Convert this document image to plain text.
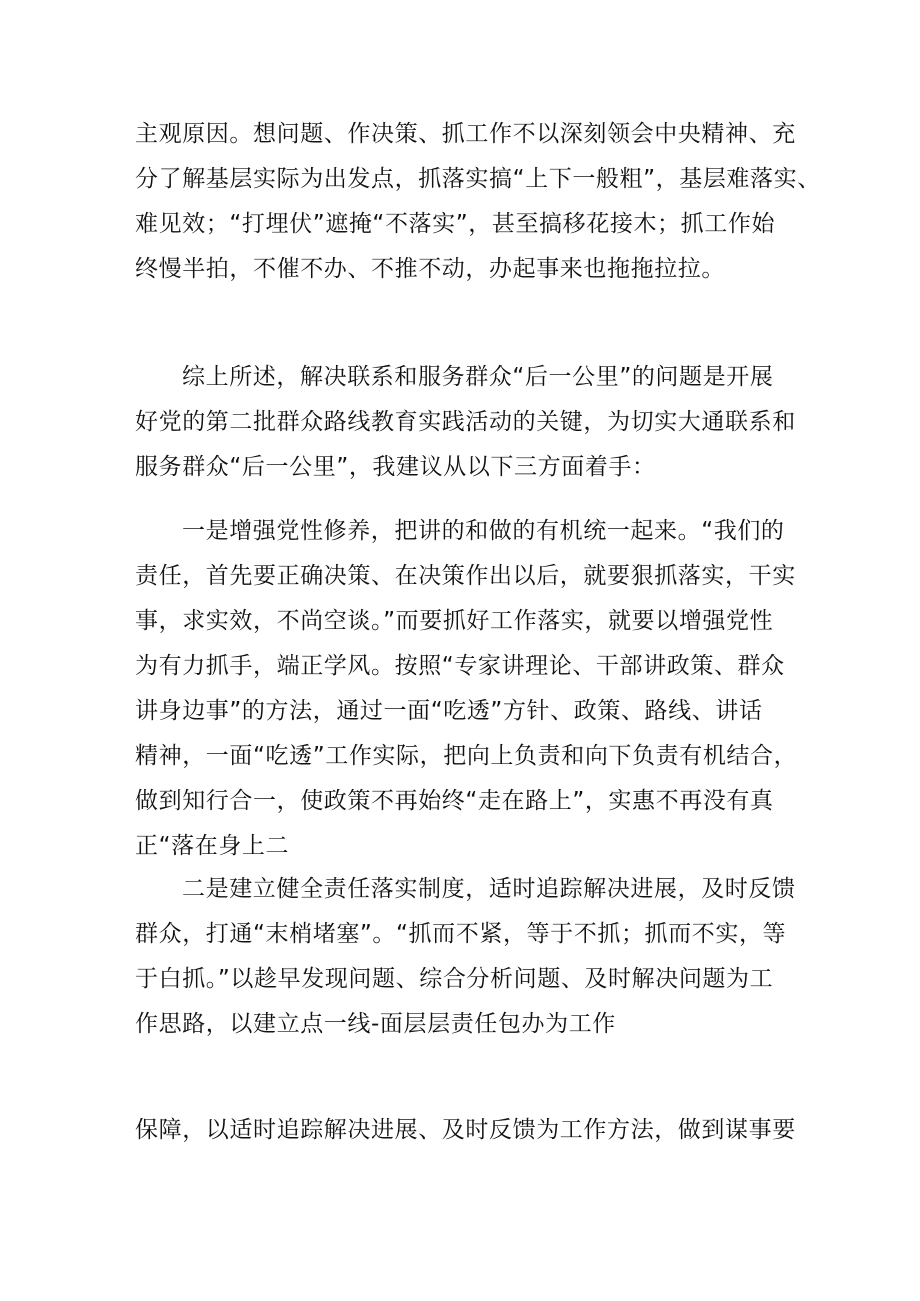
主观原因。想问题、作决策、抓工作不以深刻领会中央精神、充
分了解基层实际为出发点，抓落实搞“上下一般粗”，基层难落实、
难见效；“打埋伏”遮掩“不落实”，甚至搞移花接木；抓工作始
终慢半拍，不催不办、不推不动，办起事来也拖拖拉拉。
综上所述，解决联系和服务群众“后一公里”的问题是开展
好党的第二批群众路线教育实践活动的关键，为切实大通联系和
服务群众“后一公里”，我建议从以下三方面着手：
一是增强党性修养，把讲的和做的有机统一起来。“我们的
责任，首先要正确决策、在决策作出以后，就要狠抓落实，干实
事，求实效，不尚空谈。”而要抓好工作落实，就要以增强党性
为有力抓手，端正学风。按照“专家讲理论、干部讲政策、群众
讲身边事”的方法，通过一面“吃透”方针、政策、路线、讲话
精神，一面“吃透”工作实际，把向上负责和向下负责有机结合，
做到知行合一，使政策不再始终“走在路上”，实惠不再没有真
正“落在身上二
二是建立健全责任落实制度，适时追踪解决进展，及时反馈
群众，打通“末梢堵塞”。“抓而不紧，等于不抓；抓而不实，等
于白抓。”以趁早发现问题、综合分析问题、及时解决问题为工
作思路，以建立点一线-面层层责任包办为工作
保障，以适时追踪解决进展、及时反馈为工作方法，做到谋事要
